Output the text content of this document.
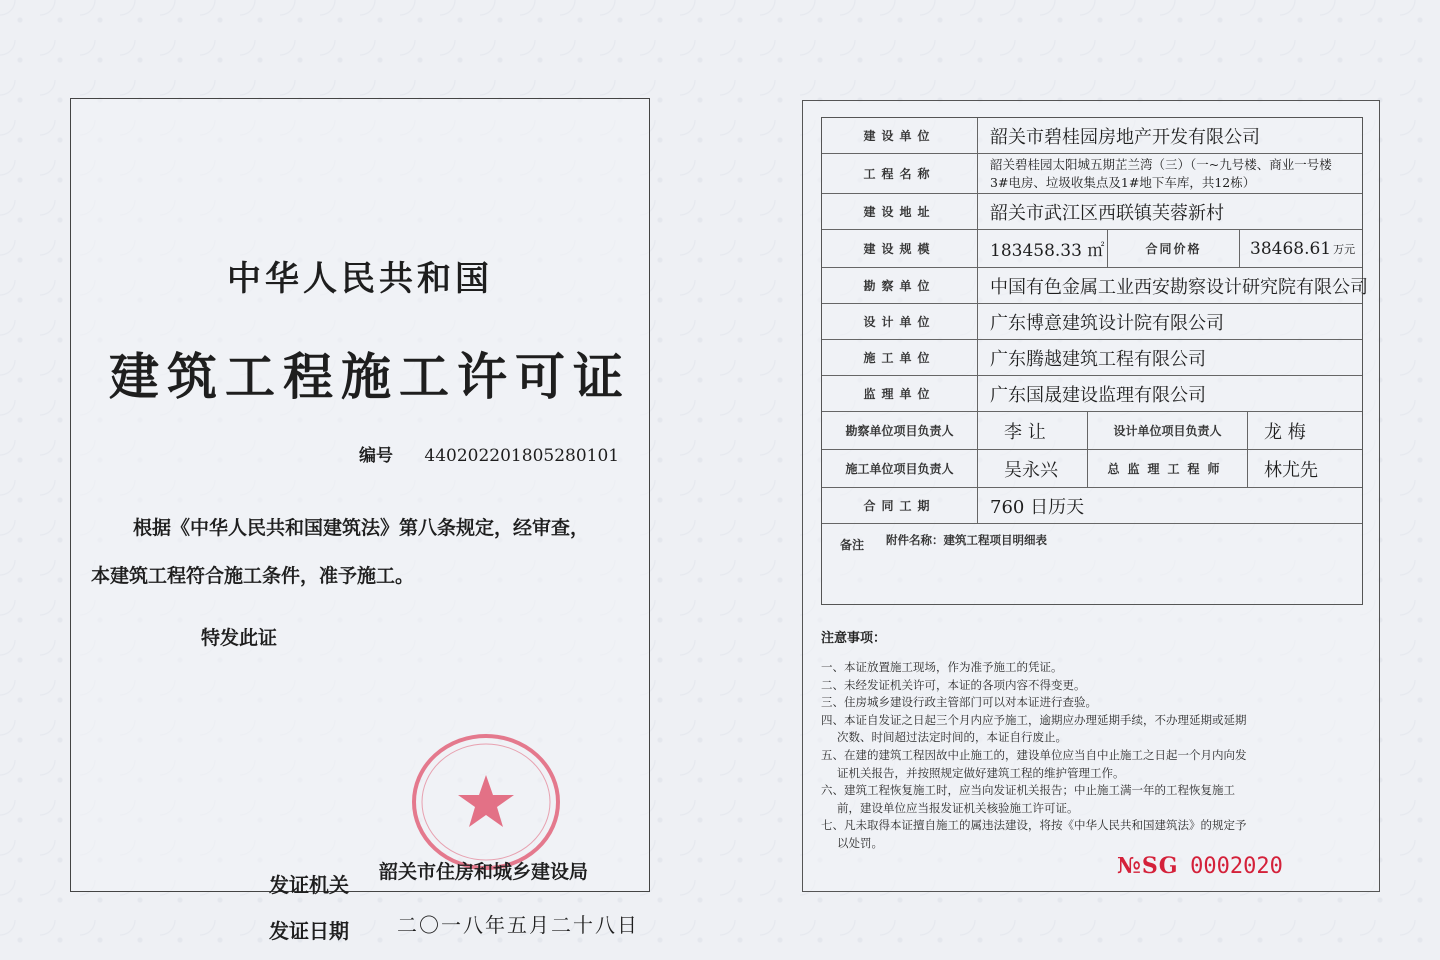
中华人民共和国
建筑工程施工许可证
编号 440202201805280101
根据《中华人民共和国建筑法》第八条规定，经审查，
本建筑工程符合施工条件，准予施工。
特发此证
发证机关
韶关市住房和城乡建设局
发证日期 二〇一八年五月二十八日
建设单位	韶关市碧桂园房地产开发有限公司
工程名称
韶关碧桂园太阳城五期芷兰湾（三）（一~九号楼、商业一号楼
3#电房、垃圾收集点及1#地下车库，共12栋）
建设地址	韶关市武江区西联镇芙蓉新村
建设规模	183458.33 ㎡	合同价格	38468.61 万元
勘察单位	中国有色金属工业西安勘察设计研究院有限公司
设计单位	广东博意建筑设计院有限公司
施工单位	广东腾越建筑工程有限公司
监理单位	广东国晟建设监理有限公司
勘察单位项目负责人	李 让	设计单位项目负责人	龙 梅
施工单位项目负责人	吴永兴	总监理工程师	林尤先
合同工期	760 日历天
备注 附件名称：建筑工程项目明细表
注意事项：
一、本证放置施工现场，作为准予施工的凭证。
二、未经发证机关许可，本证的各项内容不得变更。
三、住房城乡建设行政主管部门可以对本证进行查验。
四、本证自发证之日起三个月内应予施工，逾期应办理延期手续，不办理延期或延期
次数、时间超过法定时间的，本证自行废止。
五、在建的建筑工程因故中止施工的，建设单位应当自中止施工之日起一个月内向发
证机关报告，并按照规定做好建筑工程的维护管理工作。
六、建筑工程恢复施工时，应当向发证机关报告；中止施工满一年的工程恢复施工
前，建设单位应当报发证机关核验施工许可证。
七、凡未取得本证擅自施工的属违法建设，将按《中华人民共和国建筑法》的规定予
以处罚。
№SG 0002020
